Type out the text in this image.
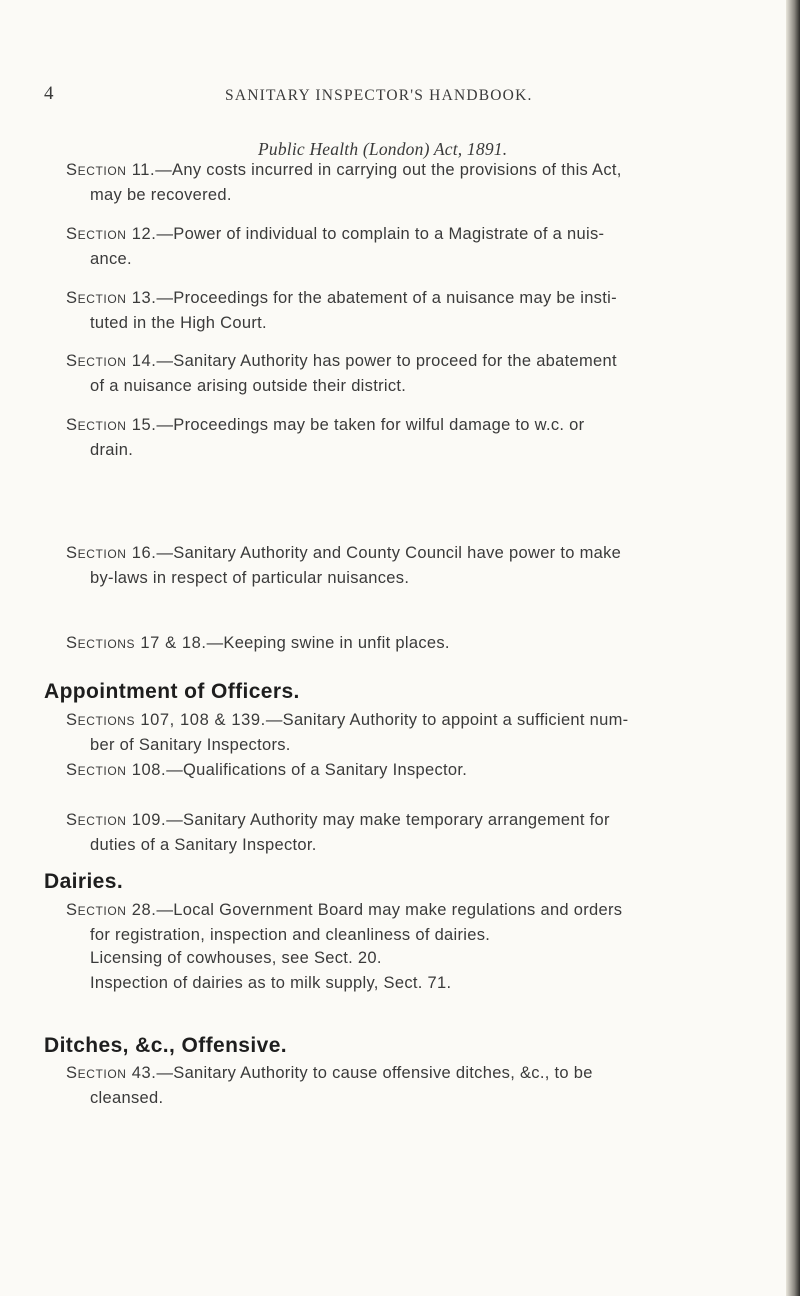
4	SANITARY INSPECTOR'S HANDBOOK.
Public Health (London) Act, 1891.
Section 11.—Any costs incurred in carrying out the provisions of this Act,
may be recovered.
Section 12.—Power of individual to complain to a Magistrate of a nuis-
ance.
Section 13.—Proceedings for the abatement of a nuisance may be insti-
tuted in the High Court.
Section 14.—Sanitary Authority has power to proceed for the abatement
of a nuisance arising outside their district.
Section 15.—Proceedings may be taken for wilful damage to w.c. or
drain.
Section 16.—Sanitary Authority and County Council have power to make
by-laws in respect of particular nuisances.
Sections 17 & 18.—Keeping swine in unfit places.
Appointment of Officers.
Sections 107, 108 & 139.—Sanitary Authority to appoint a sufficient num-
ber of Sanitary Inspectors.
Section 108.—Qualifications of a Sanitary Inspector.
Section 109.—Sanitary Authority may make temporary arrangement for
duties of a Sanitary Inspector.
Dairies.
Section 28.—Local Government Board may make regulations and orders
for registration, inspection and cleanliness of dairies.
Licensing of cowhouses, see Sect. 20.
Inspection of dairies as to milk supply, Sect. 71.
Ditches, &c., Offensive.
Section 43.—Sanitary Authority to cause offensive ditches, &c., to be
cleansed.
